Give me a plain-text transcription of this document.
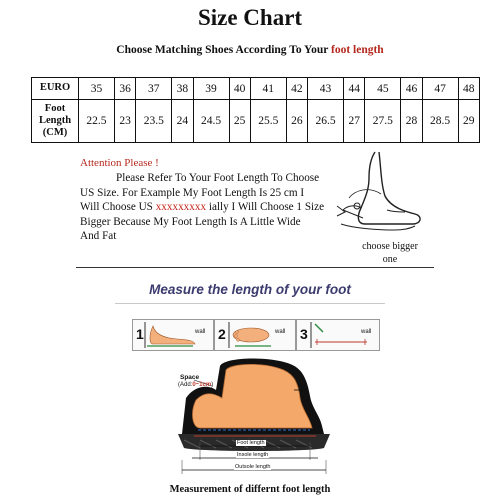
Size Chart
Choose Matching Shoes According To Your foot length
EURO	35	36	37	38	39	40	41	42	43	44	45	46	47	48
Foot Length (CM)	22.5	23	23.5	24	24.5	25	25.5	26	26.5	27	27.5	28	28.5	29
Attention Please !
Please Refer To Your Foot Length To Choose
US Size. For Example My Foot Length Is 25 cm I
Will Choose US xxxxxxxxx ially I Will Choose 1 Size
Bigger Because My Foot Length Is A Little Wide
And Fat
choose bigger one
Measure the length of your foot
1	wall 2	wall 3	wall
Space
(Add:0~1cm)
Foot length
Insole length
Outsole length
Measurement of differnt foot length
